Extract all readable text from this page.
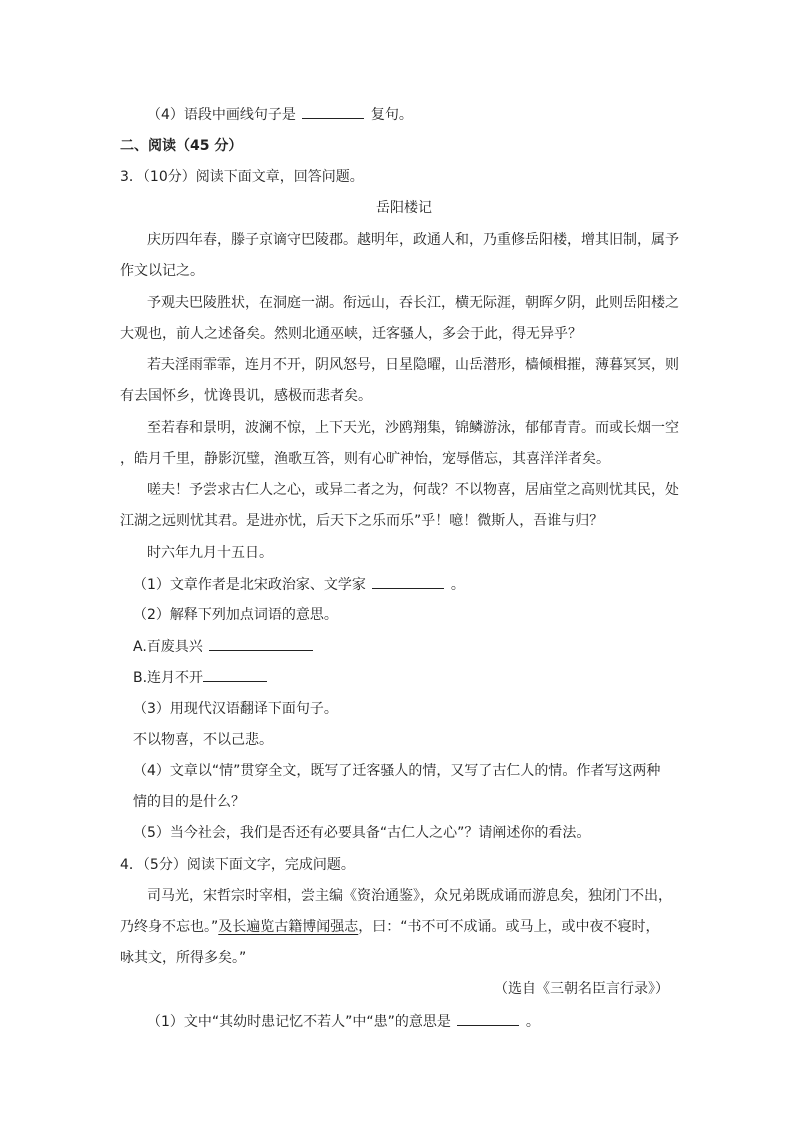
（4）语段中画线句子是	复句。
二、阅读（45 分）
3．（10分）阅读下面文章，回答问题。
岳阳楼记
庆历四年春，滕子京谪守巴陵郡。越明年，政通人和，乃重修岳阳楼，增其旧制，属予
作文以记之。
予观夫巴陵胜状，在洞庭一湖。衔远山，吞长江，横无际涯，朝晖夕阴，此则岳阳楼之
大观也，前人之述备矣。然则北通巫峡，迁客骚人，多会于此，得无异乎？
若夫淫雨霏霏，连月不开，阴风怒号，日星隐曜，山岳潜形，樯倾楫摧，薄暮冥冥，则
有去国怀乡，忧谗畏讥，感极而悲者矣。
至若春和景明，波澜不惊，上下天光，沙鸥翔集，锦鳞游泳，郁郁青青。而或长烟一空
，皓月千里，静影沉璧，渔歌互答，则有心旷神怡，宠辱偕忘，其喜洋洋者矣。
嗟夫！予尝求古仁人之心，或异二者之为，何哉？不以物喜，居庙堂之高则忧其民，处
江湖之远则忧其君。是进亦忧，后天下之乐而乐”乎！噫！微斯人，吾谁与归？
时六年九月十五日。
（1）文章作者是北宋政治家、文学家	。
（2）解释下列加点词语的意思。
A.百废具兴
B.连月不开
（3）用现代汉语翻译下面句子。
不以物喜，不以己悲。
（4）文章以“情”贯穿全文，既写了迁客骚人的情，又写了古仁人的情。作者写这两种
情的目的是什么？
（5）当今社会，我们是否还有必要具备“古仁人之心”？请阐述你的看法。
4．（5分）阅读下面文字，完成问题。
司马光，宋哲宗时宰相，尝主编《资治通鉴》，众兄弟既成诵而游息矣，独闭门不出，
乃终身不忘也。”及长遍览古籍博闻强志，曰：“书不可不成诵。或马上，或中夜不寝时，
咏其文，所得多矣。”
（选自《三朝名臣言行录》）
（1）文中“其幼时患记忆不若人”中“患”的意思是	。
